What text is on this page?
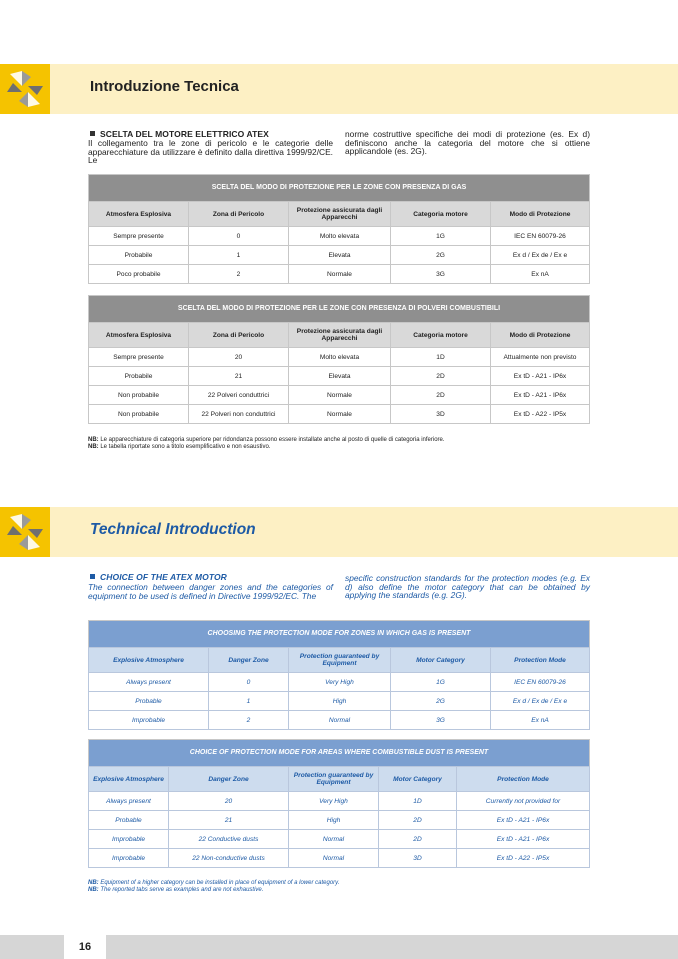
Introduzione Tecnica
SCELTA DEL MOTORE ELETTRICO ATEX
Il collegamento tra le zone di pericolo e le categorie delle apparecchiature da utilizzare è definito dalla direttiva 1999/92/CE. Le
norme costruttive specifiche dei modi di protezione (es. Ex d) definiscono anche la categoria del motore che si ottiene applicandole (es. 2G).
SCELTA DEL MODO DI PROTEZIONE PER LE ZONE CON PRESENZA DI GAS
Atmosfera Esplosiva	Zona di Pericolo	Protezione assicurata dagli Apparecchi	Categoria motore	Modo di Protezione
Sempre presente	0	Molto elevata	1G	IEC EN 60079-26
Probabile	1	Elevata	2G	Ex d / Ex de / Ex e
Poco probabile	2	Normale	3G	Ex nA
SCELTA DEL MODO DI PROTEZIONE PER LE ZONE CON PRESENZA DI POLVERI COMBUSTIBILI
Atmosfera Esplosiva	Zona di Pericolo	Protezione assicurata dagli Apparecchi	Categoria motore	Modo di Protezione
Sempre presente	20	Molto elevata	1D	Attualmente non previsto
Probabile	21	Elevata	2D	Ex tD - A21 - IP6x
Non probabile	22 Polveri conduttrici	Normale	2D	Ex tD - A21 - IP6x
Non probabile	22 Polveri non conduttrici	Normale	3D	Ex tD - A22 - IP5x
NB: Le apparecchiature di categoria superiore per ridondanza possono essere installate anche al posto di quelle di categoria inferiore.
NB: Le tabella riportate sono a titolo esemplificativo e non esaustivo.
Technical Introduction
CHOICE OF THE ATEX MOTOR
The connection between danger zones and the categories of equipment to be used is defined in Directive 1999/92/EC. The
specific construction standards for the protection modes (e.g. Ex d) also define the motor category that can be obtained by applying the standards (e.g. 2G).
CHOOSING THE PROTECTION MODE FOR ZONES IN WHICH GAS IS PRESENT
Explosive Atmosphere	Danger Zone	Protection guaranteed by Equipment	Motor Category	Protection Mode
Always present	0	Very High	1G	IEC EN 60079-26
Probable	1	High	2G	Ex d / Ex de / Ex e
Improbable	2	Normal	3G	Ex nA
CHOICE OF PROTECTION MODE FOR AREAS WHERE COMBUSTIBLE DUST IS PRESENT
Explosive Atmosphere	Danger Zone	Protection guaranteed by Equipment	Motor Category	Protection Mode
Always present	20	Very High	1D	Currently not provided for
Probable	21	High	2D	Ex tD - A21 - IP6x
Improbable	22 Conductive dusts	Normal	2D	Ex tD - A21 - IP6x
Improbable	22 Non-conductive dusts	Normal	3D	Ex tD - A22 - IP5x
NB: Equipment of a higher category can be installed in place of equipment of a lower category.
NB: The reported tabs serve as examples and are not exhaustive.
16
